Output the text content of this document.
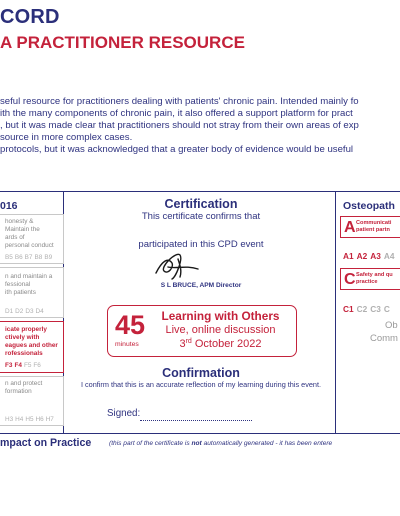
CORD
A PRACTITIONER RESOURCE
seful resource for practitioners dealing with patients' chronic pain. Intended mainly fo
ith the many components of chronic pain, it also offered a support platform for pract
, but it was made clear that practitioners should not stray from their own areas of exp
source in more complex cases.
protocols, but it was acknowledged that a greater body of evidence would be useful
016
honesty &
Maintain the
ards of
personal conduct
B5 B6 B7 B8 B9
n and maintain a
fessional
ith patients
D1 D2 D3 D4
icate properly
ctively with
eagues and other
rofessionals
F3 F4 F5 F6
n and protect
formation
H3 H4 H5 H6 H7
Certification
This certificate confirms that
participated in this CPD event
S L BRUCE, APM Director
45
minutes
Learning with Others
Live, online discussion
3rd October 2022
Confirmation
I confirm that this is an accurate reflection of my learning during this event.
Signed:
Osteopath
A Communicati
patient partn
A1 A2 A3 A4
C Safety and qu
practice
C1 C2 C3 C
Ob
Comm
mpact on Practice	(this part of the certificate is not automatically generated - it has been entere
